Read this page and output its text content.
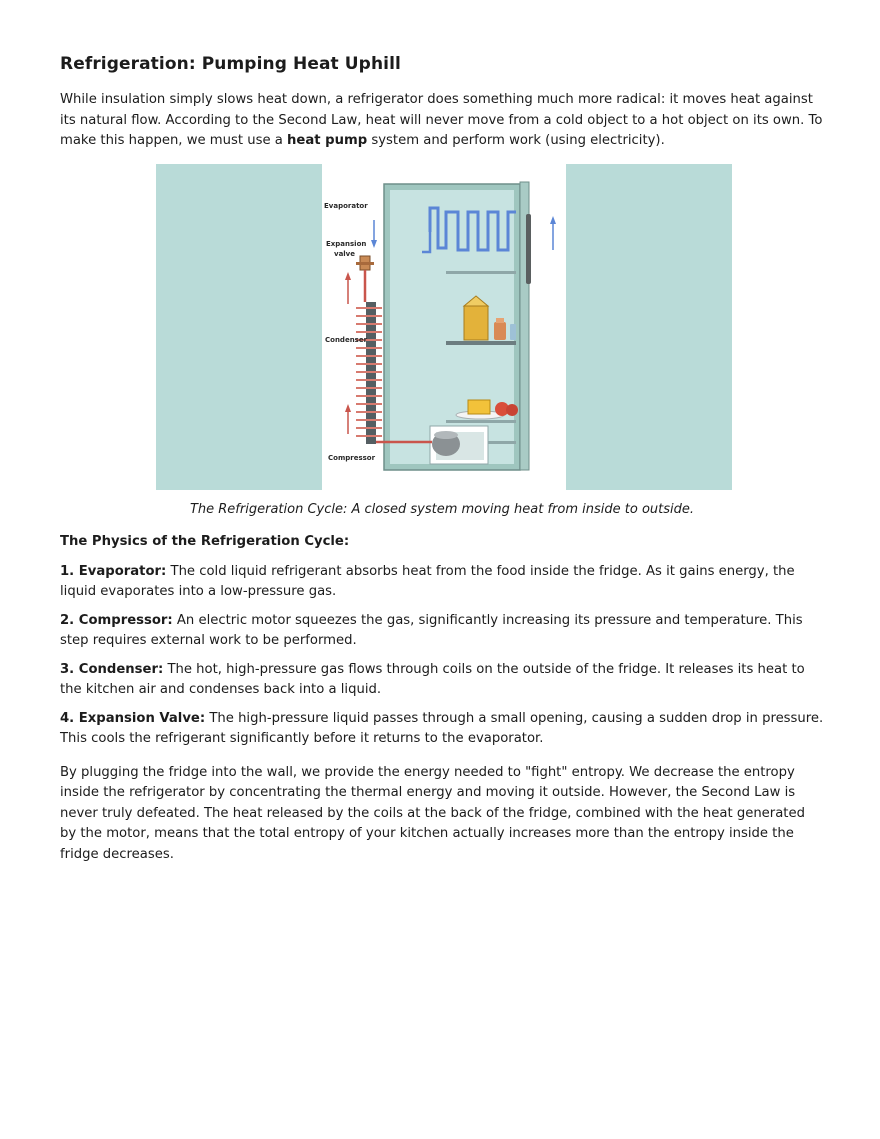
Refrigeration: Pumping Heat Uphill

While insulation simply slows heat down, a refrigerator does something much more radical: it moves heat against its natural flow. According to the Second Law, heat will never move from a cold object to a hot object on its own. To make this happen, we must use a heat pump system and perform work (using electricity).

Evaporator
Expansion
valve
Condenser
Compressor

The Refrigeration Cycle: A closed system moving heat from inside to outside.

The Physics of the Refrigeration Cycle:

1. Evaporator: The cold liquid refrigerant absorbs heat from the food inside the fridge. As it gains energy, the liquid evaporates into a low-pressure gas.

2. Compressor: An electric motor squeezes the gas, significantly increasing its pressure and temperature. This step requires external work to be performed.

3. Condenser: The hot, high-pressure gas flows through coils on the outside of the fridge. It releases its heat to the kitchen air and condenses back into a liquid.

4. Expansion Valve: The high-pressure liquid passes through a small opening, causing a sudden drop in pressure. This cools the refrigerant significantly before it returns to the evaporator.

By plugging the fridge into the wall, we provide the energy needed to "fight" entropy. We decrease the entropy inside the refrigerator by concentrating the thermal energy and moving it outside. However, the Second Law is never truly defeated. The heat released by the coils at the back of the fridge, combined with the heat generated by the motor, means that the total entropy of your kitchen actually increases more than the entropy inside the fridge decreases.
